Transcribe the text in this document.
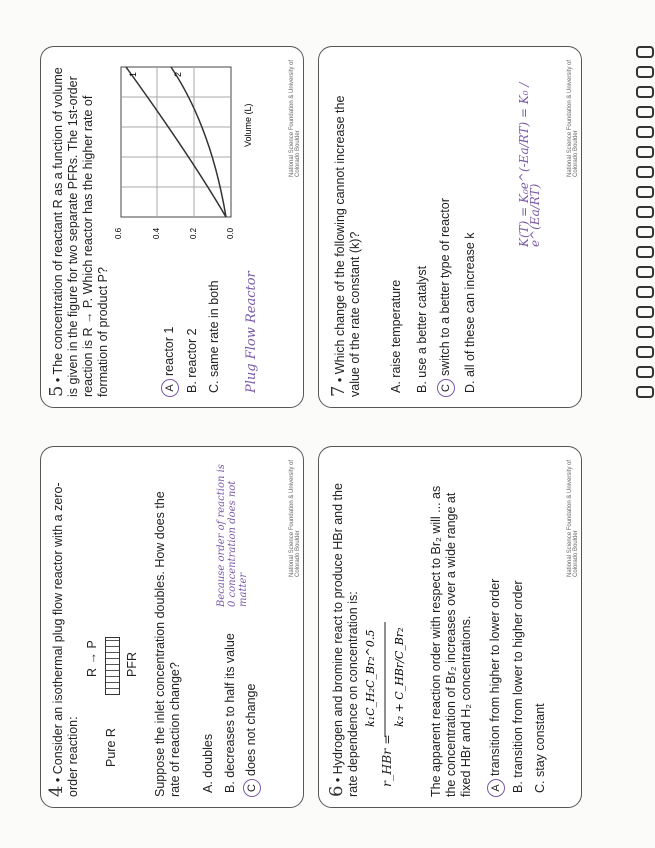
4 • Consider an isothermal plug flow reactor with a zero-order reaction:
R → P
Pure R
PFR Suppose the inlet concentration doubles. How does the rate of reaction change? A. doubles B. decreases to half its value Cdoes not change
Because order of reaction is 0 concentration does not matter
National Science Foundation & University of Colorado Boulder
6 • Hydrogen and bromine react to produce HBr and the rate dependence on concentration is: r_HBr =
k₁C_H₂C_Br₂^0.5 k₂ + C_HBr/C_Br₂ The apparent reaction order with respect to Br₂ will ... as the concentration of Br₂ increases over a wide range at fixed HBr and H₂ concentrations. Atransition from higher to lower order B. transition from lower to higher order C. stay constant
National Science Foundation & University of Colorado Boulder
5 • The concentration of reactant R as a function of volume is given in the figure for two separate PFRs. The 1st-order reaction is R → P. Which reactor has the higher rate of formation of product P?
1	2
Volume (L)
0.6	0.4	0.2	0.0
Areactor 1 B. reactor 2 C. same rate in both Plug Flow Reactor
National Science Foundation & University of Colorado Boulder
7 • Which change of the following cannot increase the value of the rate constant (k)? A. raise temperature B. use a better catalyst Cswitch to a better type of reactor D. all of these can increase k
K(T) = K₀e^(-Ea/RT) = K₀ / e^(Ea/RT)
National Science Foundation & University of Colorado Boulder
